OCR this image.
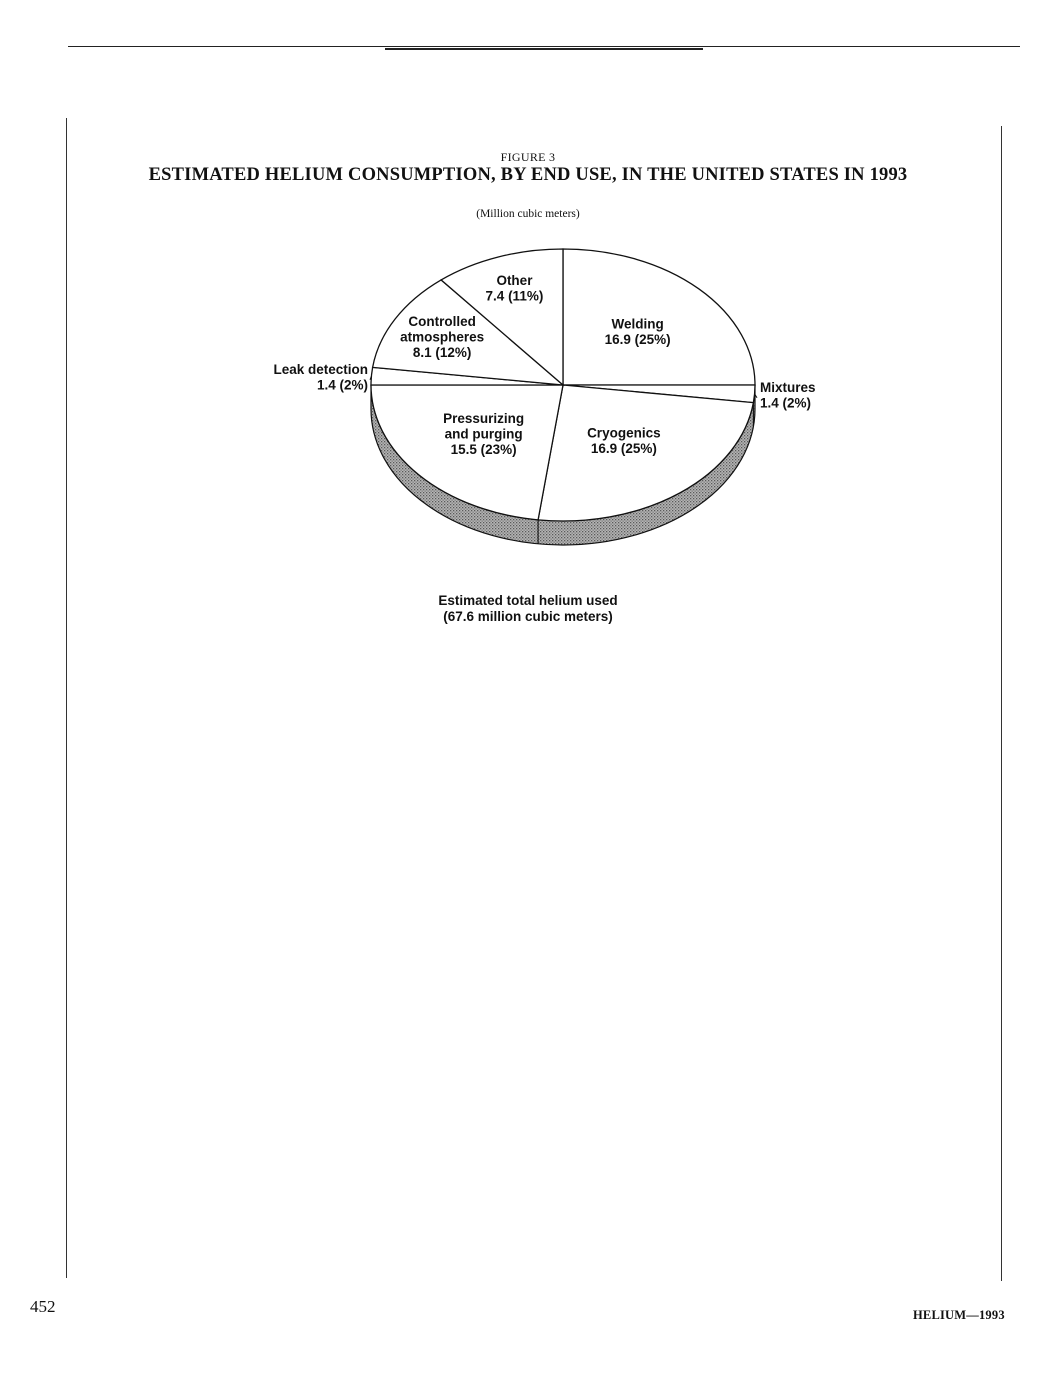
FIGURE 3
ESTIMATED HELIUM CONSUMPTION, BY END USE, IN THE UNITED STATES IN 1993
(Million cubic meters)
Welding 16.9 (25%)
Mixtures 1.4 (2%)
Cryogenics 16.9 (25%)
Pressurizing and purging 15.5 (23%)
Leak detection 1.4 (2%)
Controlled atmospheres 8.1 (12%)
Other 7.4 (11%)
Estimated total helium used
(67.6 million cubic meters)
452	HELIUM—1993
